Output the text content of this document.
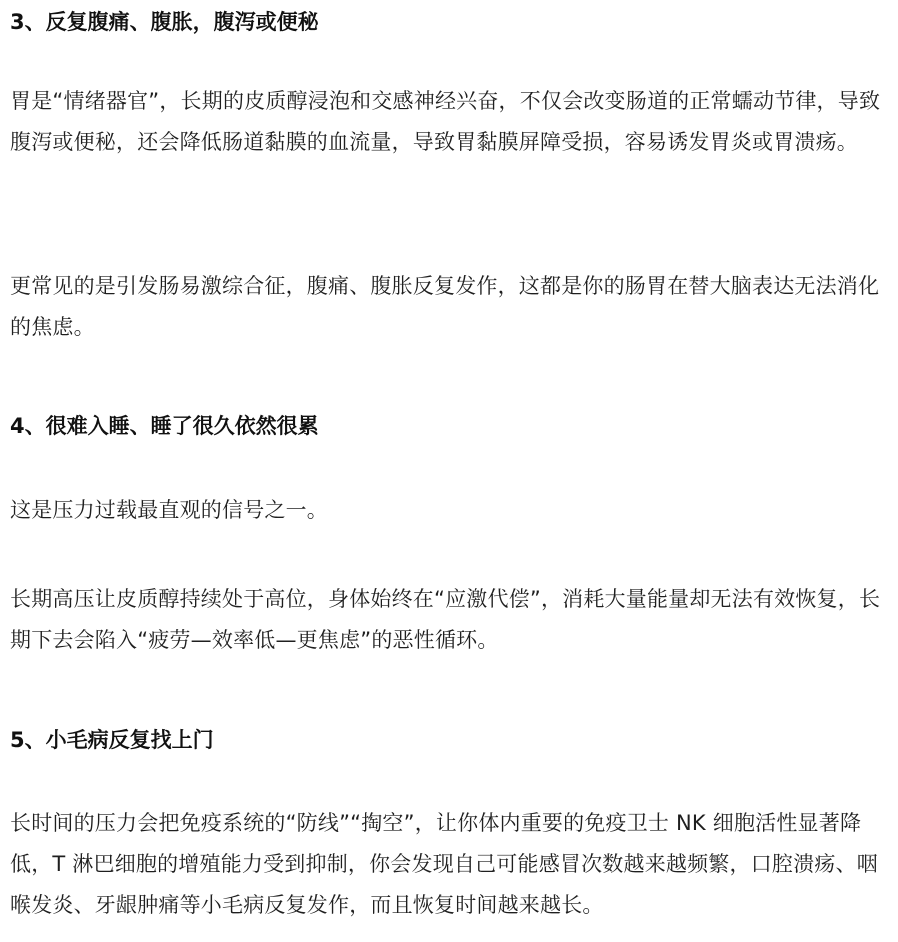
3、反复腹痛、腹胀，腹泻或便秘

胃是“情绪器官”，长期的皮质醇浸泡和交感神经兴奋，不仅会改变肠道的正常蠕动节律，导致腹泻或便秘，还会降低肠道黏膜的血流量，导致胃黏膜屏障受损，容易诱发胃炎或胃溃疡。

更常见的是引发肠易激综合征，腹痛、腹胀反复发作，这都是你的肠胃在替大脑表达无法消化的焦虑。

4、很难入睡、睡了很久依然很累

这是压力过载最直观的信号之一。

长期高压让皮质醇持续处于高位，身体始终在“应激代偿”，消耗大量能量却无法有效恢复，长期下去会陷入“疲劳—效率低—更焦虑”的恶性循环。

5、小毛病反复找上门

长时间的压力会把免疫系统的“防线”“掏空”，让你体内重要的免疫卫士 NK 细胞活性显著降低，T 淋巴细胞的增殖能力受到抑制，你会发现自己可能感冒次数越来越频繁，口腔溃疡、咽喉发炎、牙龈肿痛等小毛病反复发作，而且恢复时间越来越长。
